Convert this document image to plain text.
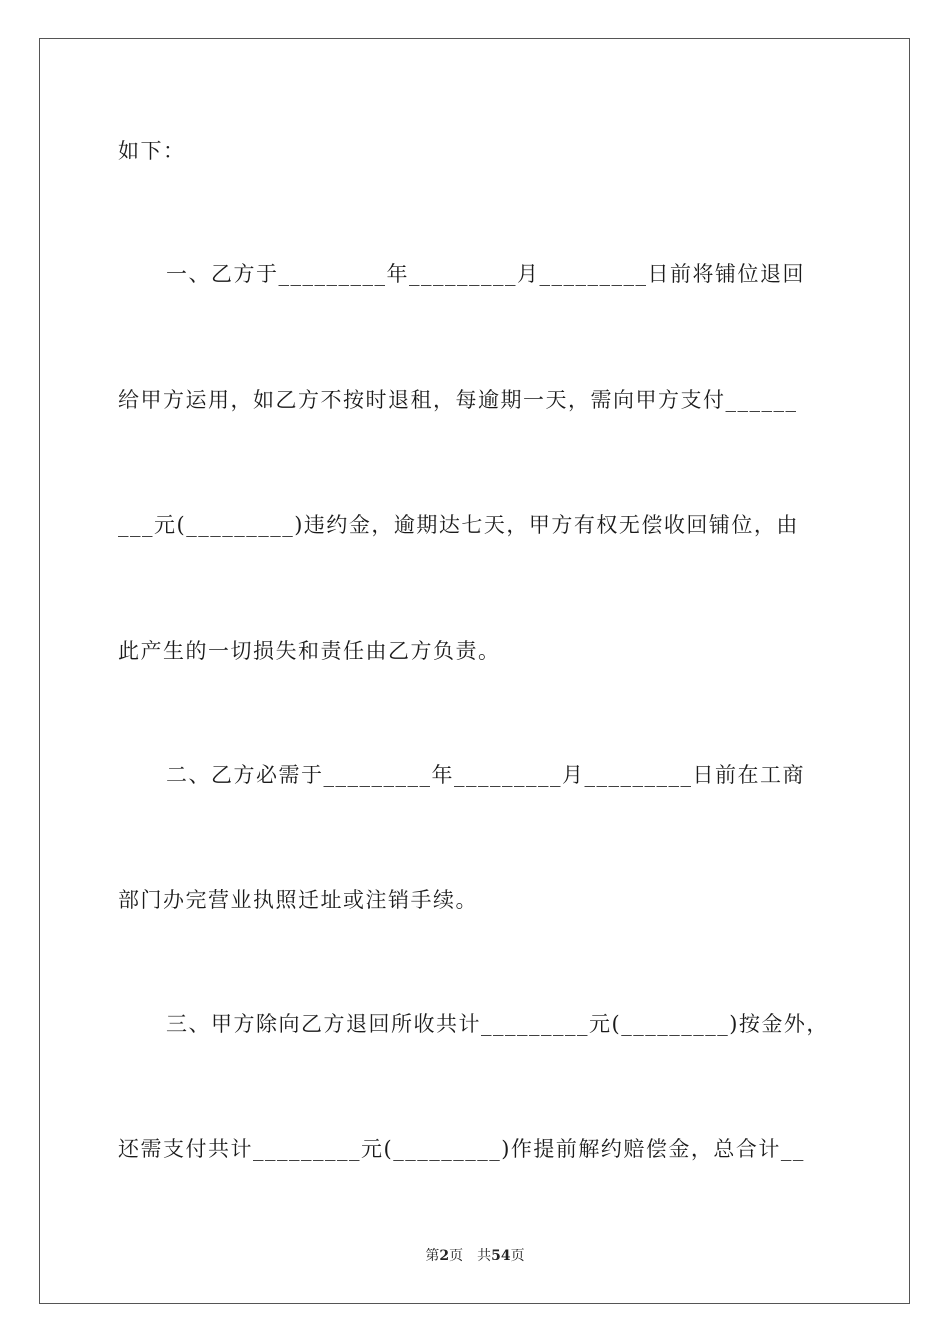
如下：
一、乙方于_________年_________月_________日前将铺位退回
给甲方运用，如乙方不按时退租，每逾期一天，需向甲方支付______
___元(_________)违约金，逾期达七天，甲方有权无偿收回铺位，由
此产生的一切损失和责任由乙方负责。
二、乙方必需于_________年_________月_________日前在工商
部门办完营业执照迁址或注销手续。
三、甲方除向乙方退回所收共计_________元(_________)按金外，
还需支付共计_________元(_________)作提前解约赔偿金，总合计__
第2页 共54页
